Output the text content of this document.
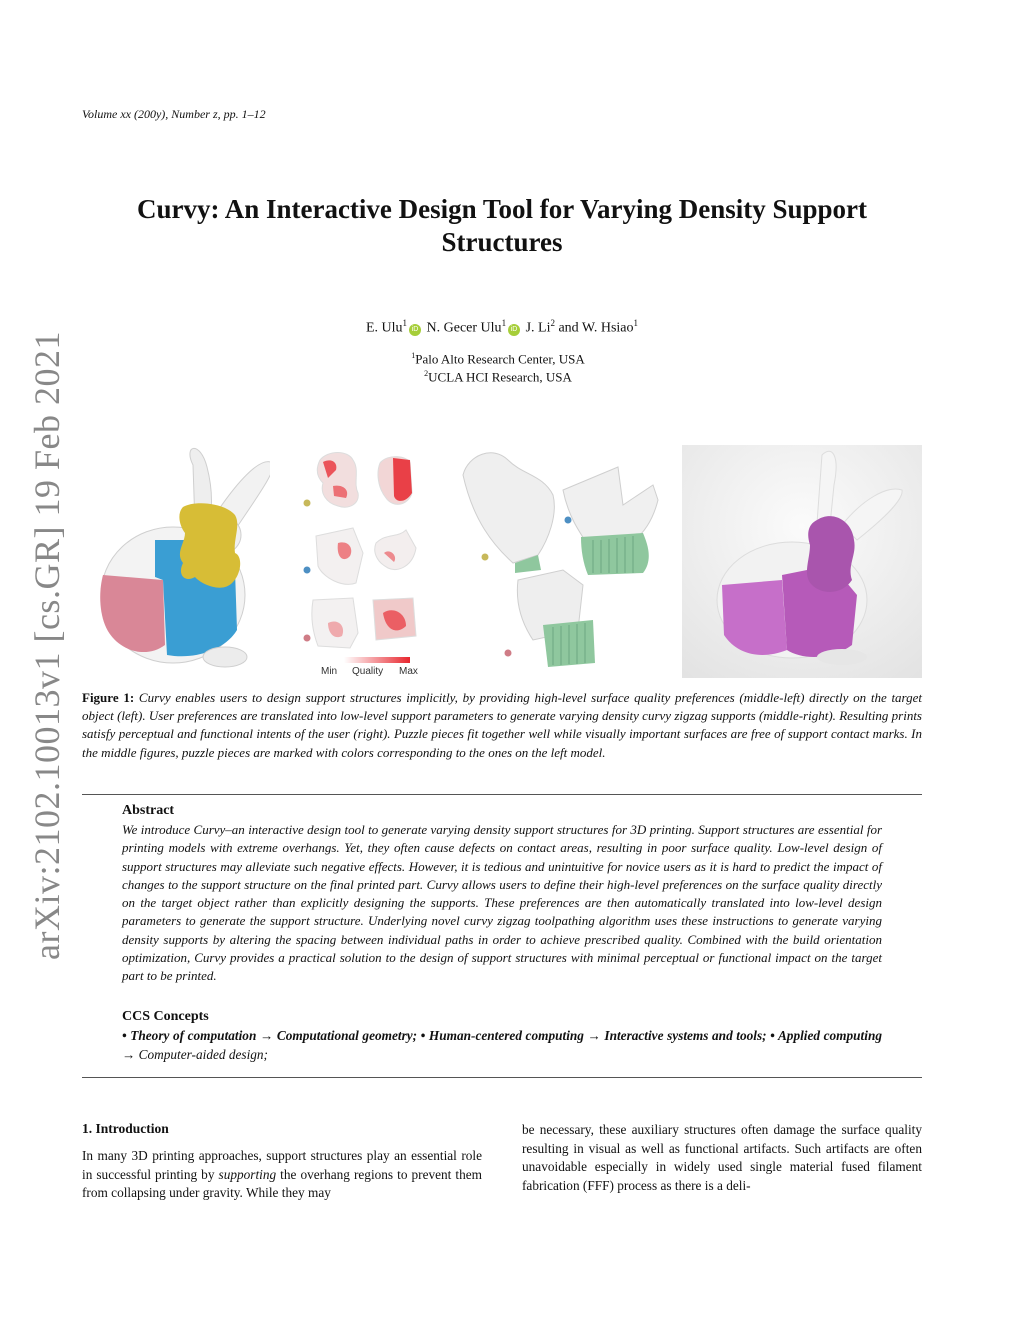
arXiv:2102.10013v1 [cs.GR] 19 Feb 2021
Volume xx (200y), Number z, pp. 1–12
Curvy: An Interactive Design Tool for Varying Density Support Structures
E. Ulu$^1$iD N. Gecer Ulu$^1$iD J. Li$^2$ and W. Hsiao$^1$
$^1$Palo Alto Research Center, USA
$^2$UCLA HCI Research, USA
Min Quality Max
Figure 1: Curvy enables users to design support structures implicitly, by providing high-level surface quality preferences (middle-left) directly on the target object (left). User preferences are translated into low-level support parameters to generate varying density curvy zigzag supports (middle-right). Resulting prints satisfy perceptual and functional intents of the user (right). Puzzle pieces fit together well while visually important surfaces are free of support contact marks. In the middle figures, puzzle pieces are marked with colors corresponding to the ones on the left model.
Abstract
We introduce Curvy–an interactive design tool to generate varying density support structures for 3D printing. Support structures are essential for printing models with extreme overhangs. Yet, they often cause defects on contact areas, resulting in poor surface quality. Low-level design of support structures may alleviate such negative effects. However, it is tedious and unintuitive for novice users as it is hard to predict the impact of changes to the support structure on the final printed part. Curvy allows users to define their high-level preferences on the surface quality directly on the target object rather than explicitly designing the supports. These preferences are then automatically translated into low-level design parameters to generate the support structure. Underlying novel curvy zigzag toolpathing algorithm uses these instructions to generate varying density supports by altering the spacing between individual paths in order to achieve prescribed quality. Combined with the build orientation optimization, Curvy provides a practical solution to the design of support structures with minimal perceptual or functional impact on the target part to be printed.
CCS Concepts
• Theory of computation → Computational geometry; • Human-centered computing → Interactive systems and tools; • Applied computing → Computer-aided design;
1. Introduction
In many 3D printing approaches, support structures play an essential role in successful printing by supporting the overhang regions to prevent them from collapsing under gravity. While they may
be necessary, these auxiliary structures often damage the surface quality resulting in visual as well as functional artifacts. Such artifacts are often unavoidable especially in widely used single material fused filament fabrication (FFF) process as there is a deli-
